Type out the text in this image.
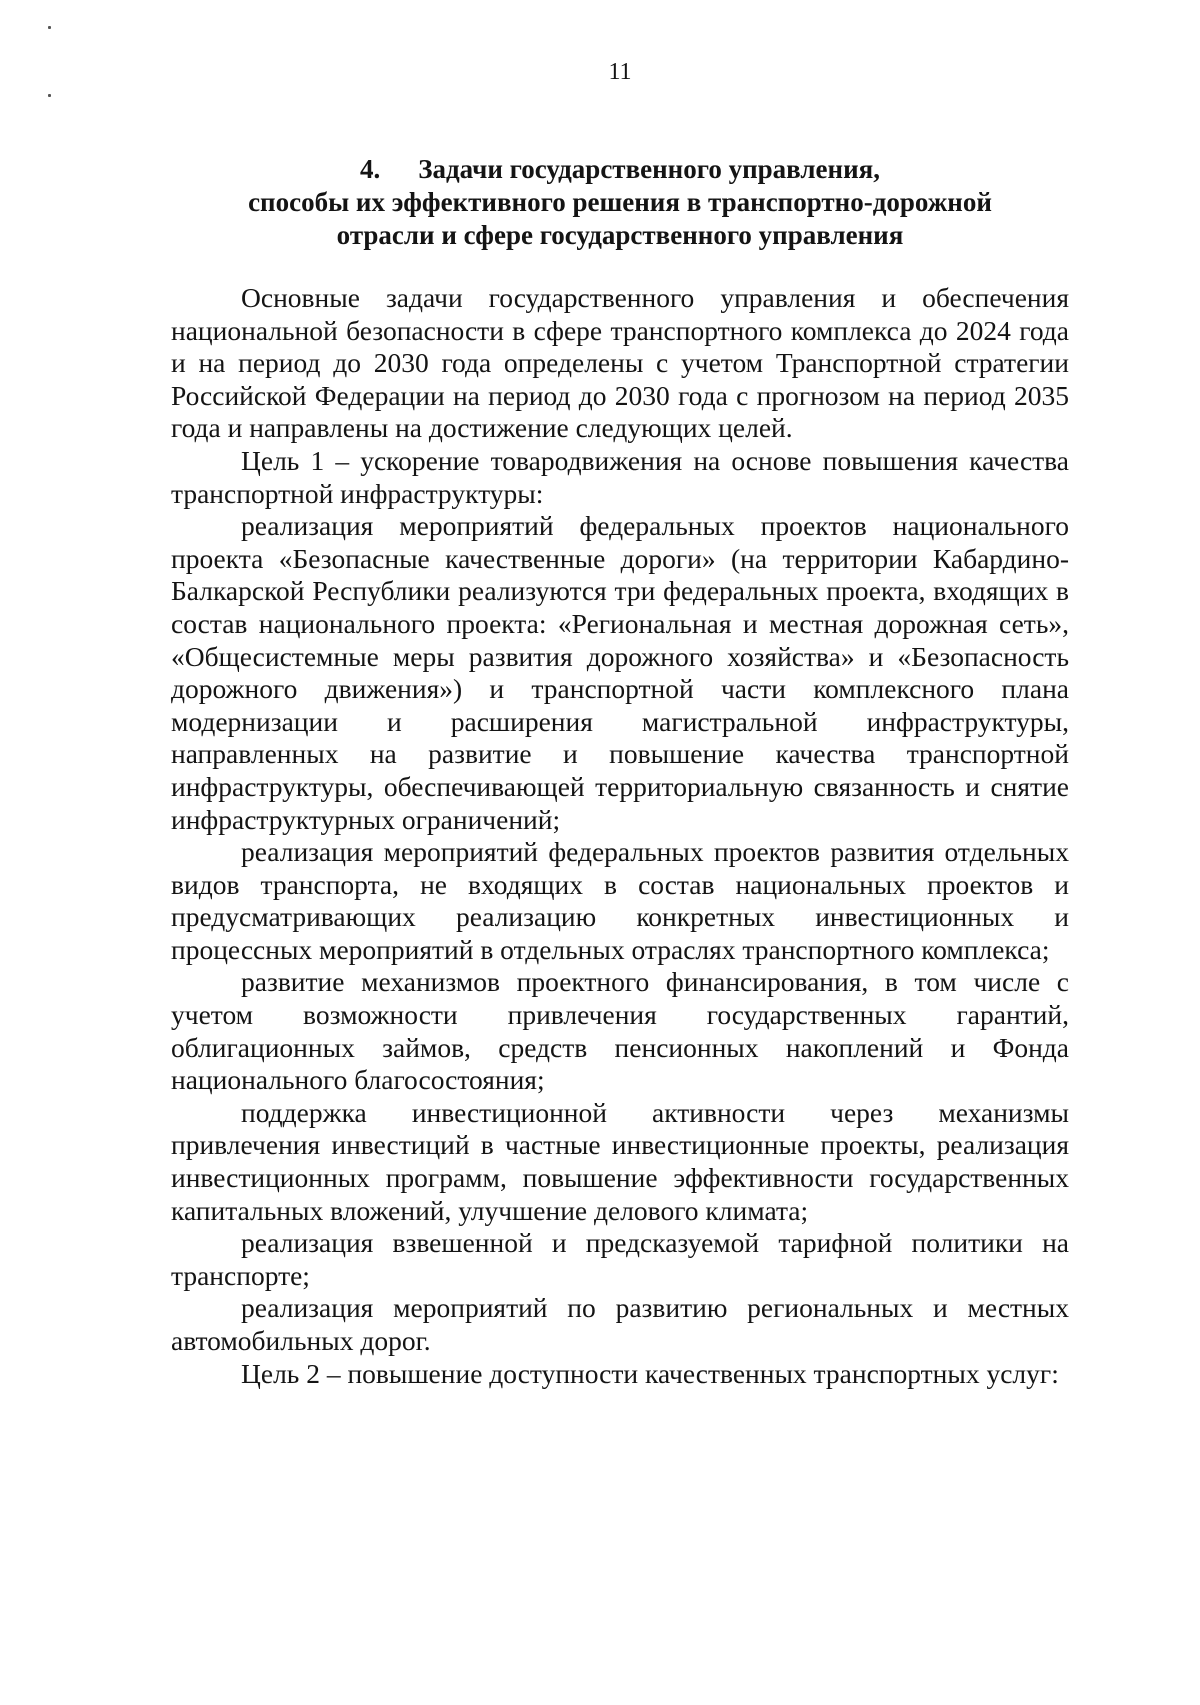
11
4. Задачи государственного управления,
способы их эффективного решения в транспортно-дорожной
отрасли и сфере государственного управления

Основные задачи государственного управления и обеспечения национальной безопасности в сфере транспортного комплекса до 2024 года и на период до 2030 года определены с учетом Транспортной стратегии Российской Федерации на период до 2030 года с прогнозом на период 2035 года и направлены на достижение следующих целей.

Цель 1 – ускорение товародвижения на основе повышения качества транспортной инфраструктуры:

реализация мероприятий федеральных проектов национального проекта «Безопасные качественные дороги» (на территории Кабардино-Балкарской Республики реализуются три федеральных проекта, входящих в состав национального проекта: «Региональная и местная дорожная сеть», «Общесистемные меры развития дорожного хозяйства» и «Безопасность дорожного движения») и транспортной части комплексного плана модернизации и расширения магистральной инфраструктуры, направленных на развитие и повышение качества транспортной инфраструктуры, обеспечивающей территориальную связанность и снятие инфраструктурных ограничений;

реализация мероприятий федеральных проектов развития отдельных видов транспорта, не входящих в состав национальных проектов и предусматривающих реализацию конкретных инвестиционных и процессных мероприятий в отдельных отраслях транспортного комплекса;

развитие механизмов проектного финансирования, в том числе с учетом возможности привлечения государственных гарантий, облигационных займов, средств пенсионных накоплений и Фонда национального благосостояния;

поддержка инвестиционной активности через механизмы привлечения инвестиций в частные инвестиционные проекты, реализация инвестиционных программ, повышение эффективности государственных капитальных вложений, улучшение делового климата;

реализация взвешенной и предсказуемой тарифной политики на транспорте;

реализация мероприятий по развитию региональных и местных автомобильных дорог.

Цель 2 – повышение доступности качественных транспортных услуг:
